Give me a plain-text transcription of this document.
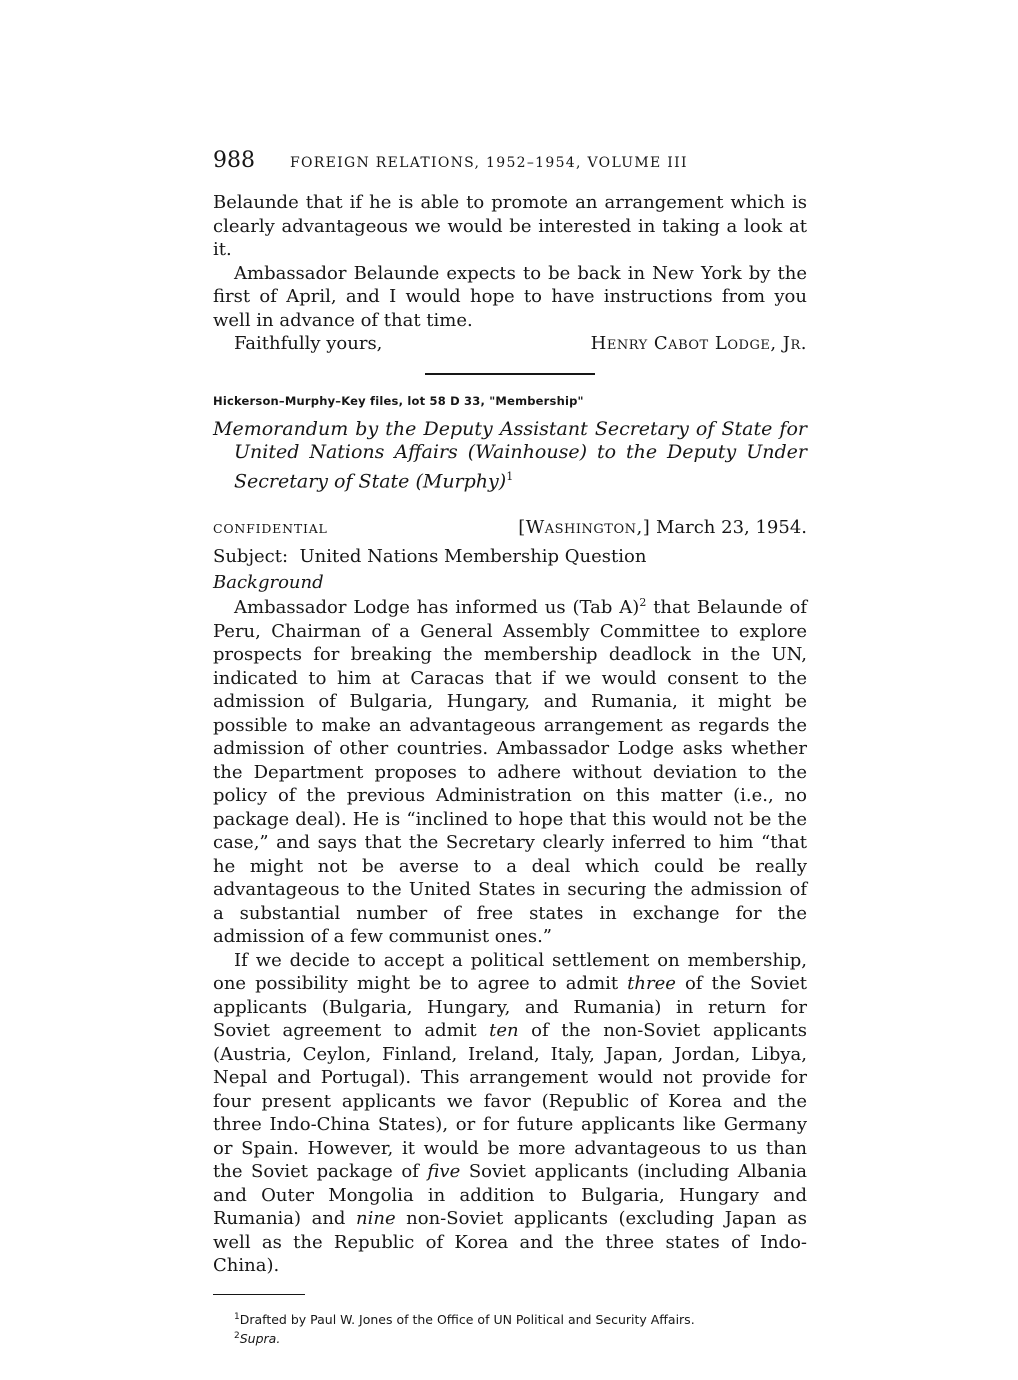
988	FOREIGN RELATIONS, 1952–1954, VOLUME III

Belaunde that if he is able to promote an arrangement which is clearly advantageous we would be interested in taking a look at it.

Ambassador Belaunde expects to be back in New York by the first of April, and I would hope to have instructions from you well in advance of that time.

Faithfully yours,	Henry Cabot Lodge, Jr.
Hickerson–Murphy–Key files, lot 58 D 33, "Membership"
Memorandum by the Deputy Assistant Secretary of State for United Nations Affairs (Wainhouse) to the Deputy Under Secretary of State (Murphy)$^1$
CONFIDENTIAL	[Washington,] March 23, 1954.
Subject: United Nations Membership Question
Background

Ambassador Lodge has informed us (Tab A)$^2$ that Belaunde of Peru, Chairman of a General Assembly Committee to explore prospects for breaking the membership deadlock in the UN, indicated to him at Caracas that if we would consent to the admission of Bulgaria, Hungary, and Rumania, it might be possible to make an advantageous arrangement as regards the admission of other countries. Ambassador Lodge asks whether the Department proposes to adhere without deviation to the policy of the previous Administration on this matter (i.e., no package deal). He is “inclined to hope that this would not be the case,” and says that the Secretary clearly inferred to him “that he might not be averse to a deal which could be really advantageous to the United States in securing the admission of a substantial number of free states in exchange for the admission of a few communist ones.”

If we decide to accept a political settlement on membership, one possibility might be to agree to admit three of the Soviet applicants (Bulgaria, Hungary, and Rumania) in return for Soviet agreement to admit ten of the non-Soviet applicants (Austria, Ceylon, Finland, Ireland, Italy, Japan, Jordan, Libya, Nepal and Portugal). This arrangement would not provide for four present applicants we favor (Republic of Korea and the three Indo-China States), or for future applicants like Germany or Spain. However, it would be more advantageous to us than the Soviet package of five Soviet applicants (including Albania and Outer Mongolia in addition to Bulgaria, Hungary and Rumania) and nine non-Soviet applicants (excluding Japan as well as the Republic of Korea and the three states of Indo-China).

$^1$Drafted by Paul W. Jones of the Office of UN Political and Security Affairs.
$^2$Supra.
